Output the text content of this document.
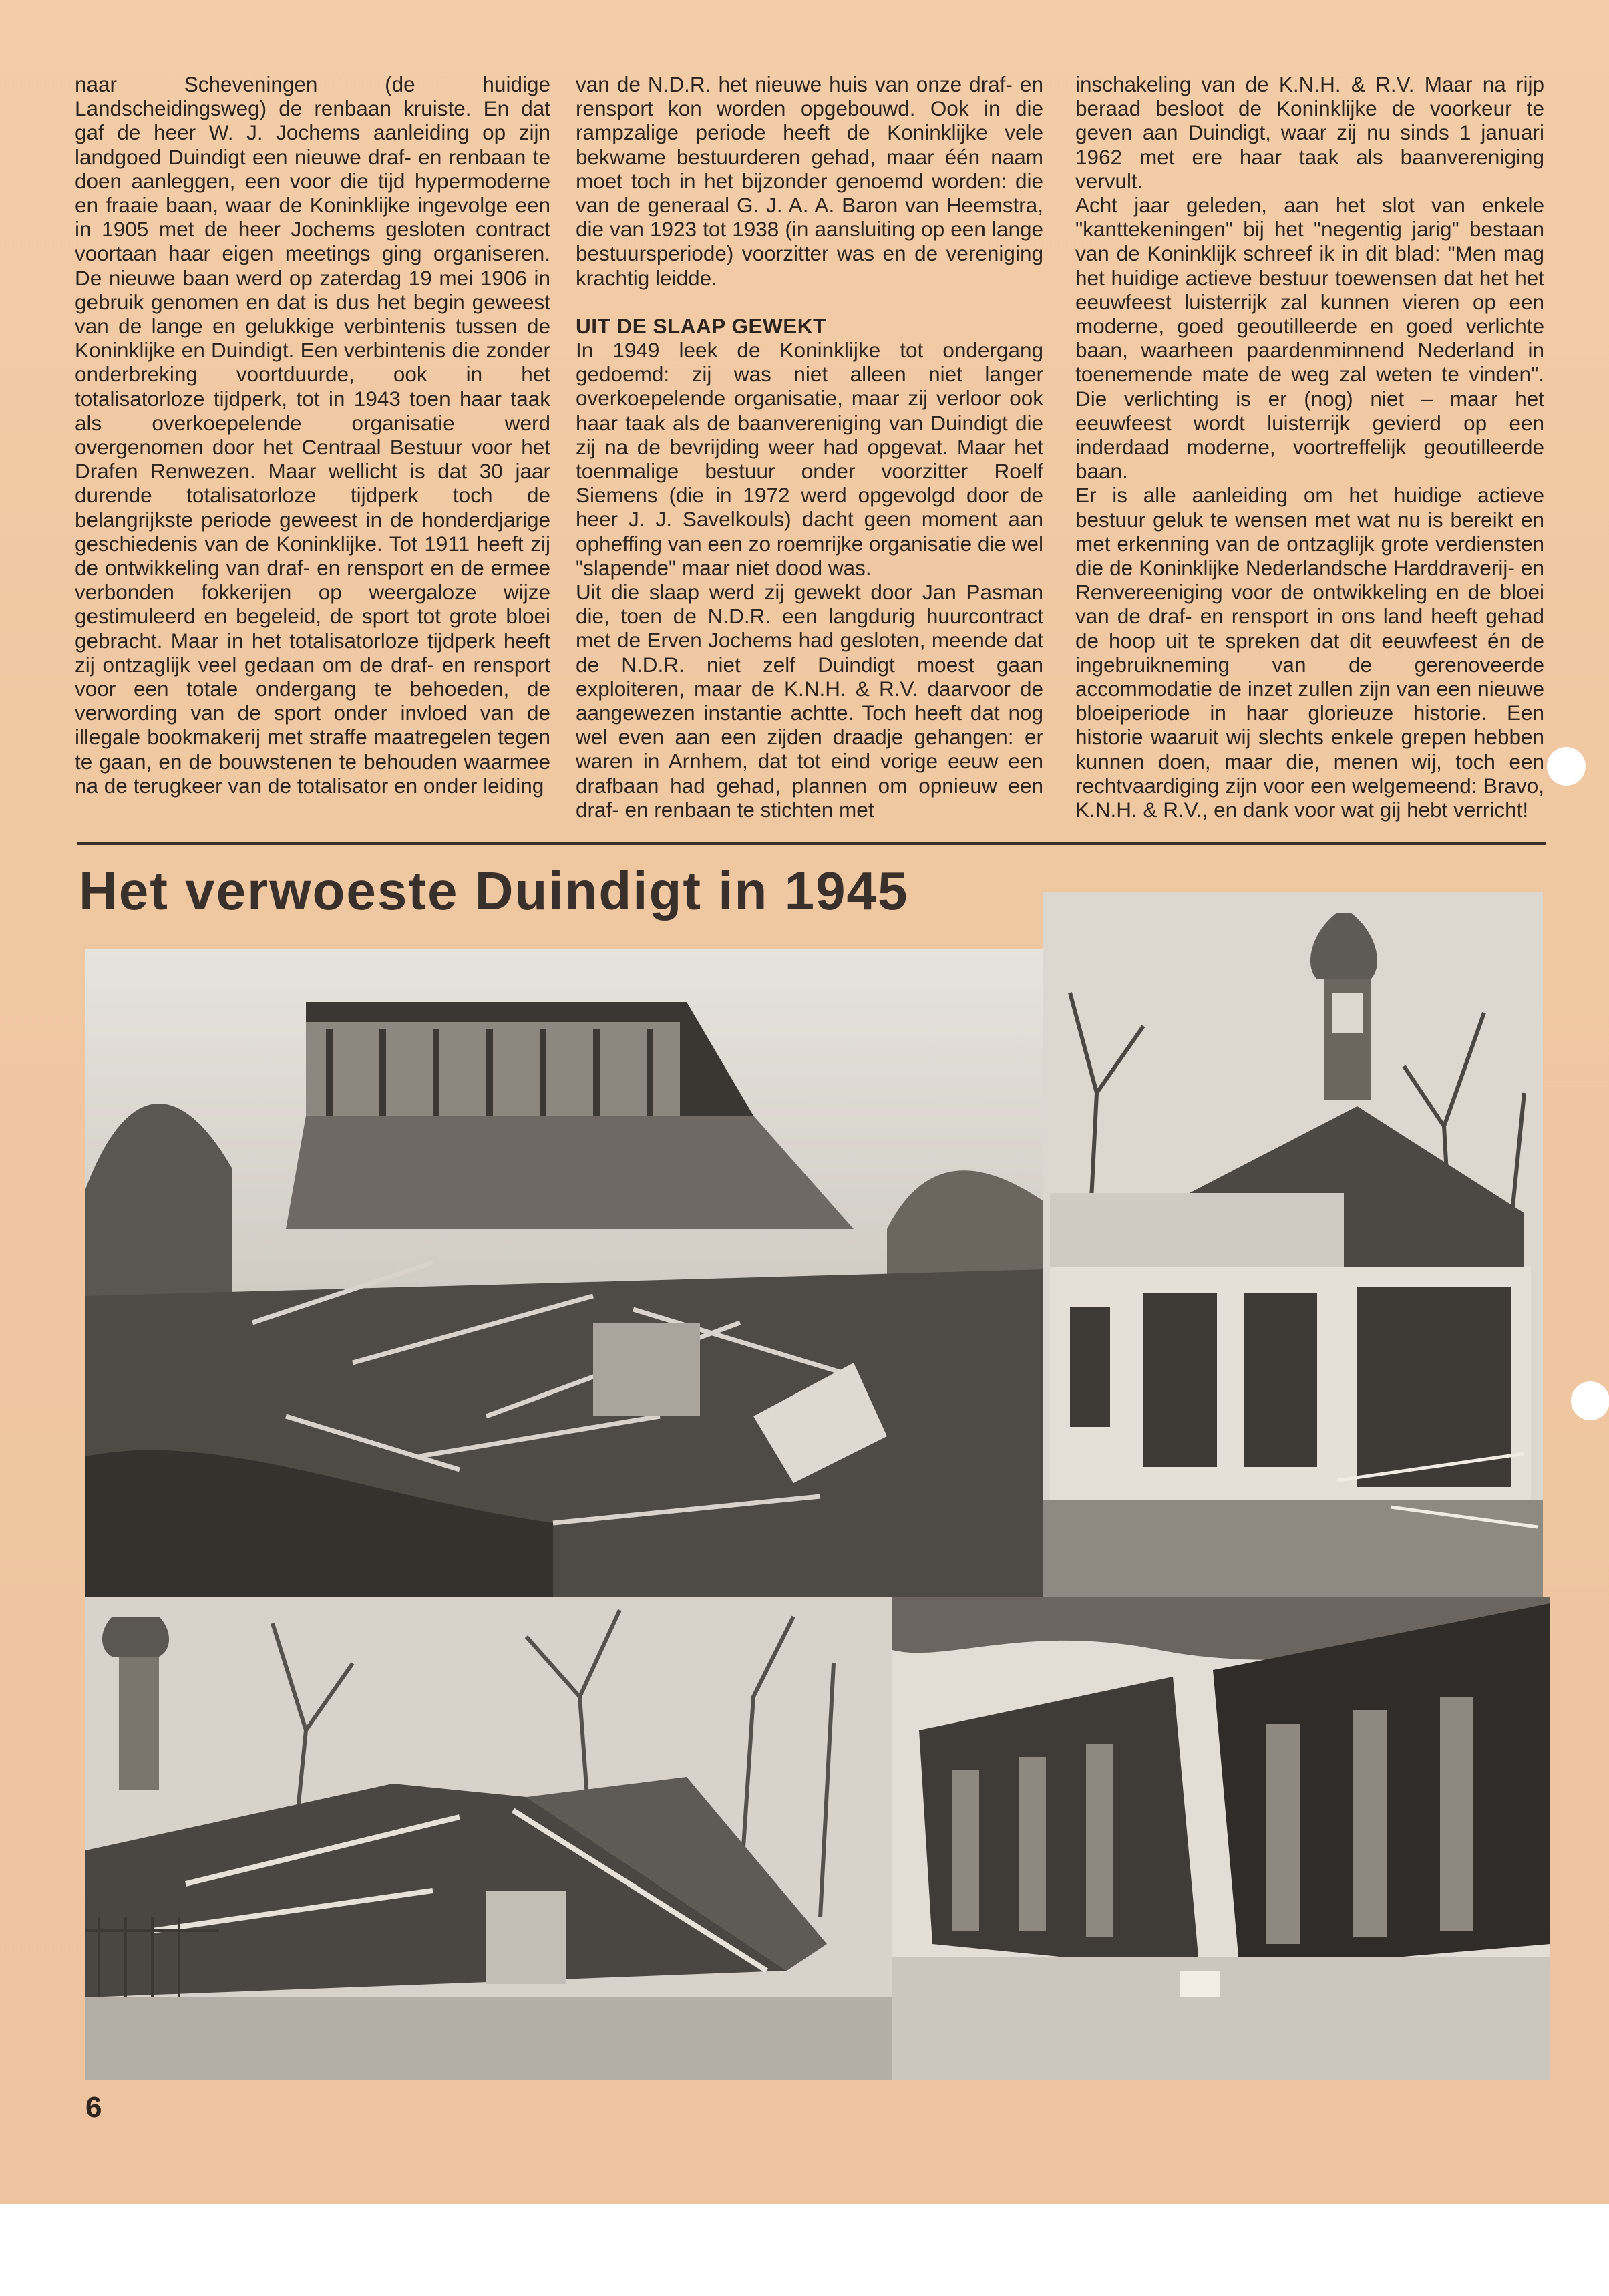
naar Scheveningen (de huidige Landscheidingsweg) de renbaan kruiste. En dat gaf de heer W. J. Jochems aanleiding op zijn landgoed Duindigt een nieuwe draf- en renbaan te doen aanleggen, een voor die tijd hypermoderne en fraaie baan, waar de Koninklijke ingevolge een in 1905 met de heer Jochems gesloten contract voortaan haar eigen meetings ging organiseren. De nieuwe baan werd op zaterdag 19 mei 1906 in gebruik genomen en dat is dus het begin geweest van de lange en gelukkige verbintenis tussen de Koninklijke en Duindigt. Een verbintenis die zonder onderbreking voortduurde, ook in het totalisatorloze tijdperk, tot in 1943 toen haar taak als overkoepelende organisatie werd overgenomen door het Centraal Bestuur voor het Drafen Renwezen. Maar wellicht is dat 30 jaar durende totalisatorloze tijdperk toch de belangrijkste periode geweest in de honderdjarige geschiedenis van de Koninklijke. Tot 1911 heeft zij de ontwikkeling van draf- en rensport en de ermee verbonden fokkerijen op weergaloze wijze gestimuleerd en begeleid, de sport tot grote bloei gebracht. Maar in het totalisatorloze tijdperk heeft zij ontzaglijk veel gedaan om de draf- en rensport voor een totale ondergang te behoeden, de verwording van de sport onder invloed van de illegale bookmakerij met straffe maatregelen tegen te gaan, en de bouwstenen te behouden waarmee na de terugkeer van de totalisator en onder leiding

van de N.D.R. het nieuwe huis van onze draf- en rensport kon worden opgebouwd. Ook in die rampzalige periode heeft de Koninklijke vele bekwame bestuurderen gehad, maar één naam moet toch in het bijzonder genoemd worden: die van de generaal G. J. A. A. Baron van Heemstra, die van 1923 tot 1938 (in aansluiting op een lange bestuursperiode) voorzitter was en de vereniging krachtig leidde.

UIT DE SLAAP GEWEKT

In 1949 leek de Koninklijke tot ondergang gedoemd: zij was niet alleen niet langer overkoepelende organisatie, maar zij verloor ook haar taak als de baanvereniging van Duindigt die zij na de bevrijding weer had opgevat. Maar het toenmalige bestuur onder voorzitter Roelf Siemens (die in 1972 werd opgevolgd door de heer J. J. Savelkouls) dacht geen moment aan opheffing van een zo roemrijke organisatie die wel "slapende" maar niet dood was.

Uit die slaap werd zij gewekt door Jan Pasman die, toen de N.D.R. een langdurig huurcontract met de Erven Jochems had gesloten, meende dat de N.D.R. niet zelf Duindigt moest gaan exploiteren, maar de K.N.H. & R.V. daarvoor de aangewezen instantie achtte. Toch heeft dat nog wel even aan een zijden draadje gehangen: er waren in Arnhem, dat tot eind vorige eeuw een drafbaan had gehad, plannen om opnieuw een draf- en renbaan te stichten met

inschakeling van de K.N.H. & R.V. Maar na rijp beraad besloot de Koninklijke de voorkeur te geven aan Duindigt, waar zij nu sinds 1 januari 1962 met ere haar taak als baanvereniging vervult.

Acht jaar geleden, aan het slot van enkele "kanttekeningen" bij het "negentig jarig" bestaan van de Koninklijk schreef ik in dit blad: "Men mag het huidige actieve bestuur toewensen dat het het eeuwfeest luisterrijk zal kunnen vieren op een moderne, goed geoutilleerde en goed verlichte baan, waarheen paardenminnend Nederland in toenemende mate de weg zal weten te vinden". Die verlichting is er (nog) niet – maar het eeuwfeest wordt luisterrijk gevierd op een inderdaad moderne, voortreffelijk geoutilleerde baan.

Er is alle aanleiding om het huidige actieve bestuur geluk te wensen met wat nu is bereikt en met erkenning van de ontzaglijk grote verdiensten die de Koninklijke Nederlandsche Harddraverij- en Renvereeniging voor de ontwikkeling en de bloei van de draf- en rensport in ons land heeft gehad de hoop uit te spreken dat dit eeuwfeest én de ingebruikneming van de gerenoveerde accommodatie de inzet zullen zijn van een nieuwe bloeiperiode in haar glorieuze historie. Een historie waaruit wij slechts enkele grepen hebben kunnen doen, maar die, menen wij, toch een rechtvaardiging zijn voor een welgemeend: Bravo, K.N.H. & R.V., en dank voor wat gij hebt verricht!

Het verwoeste Duindigt in 1945
6
